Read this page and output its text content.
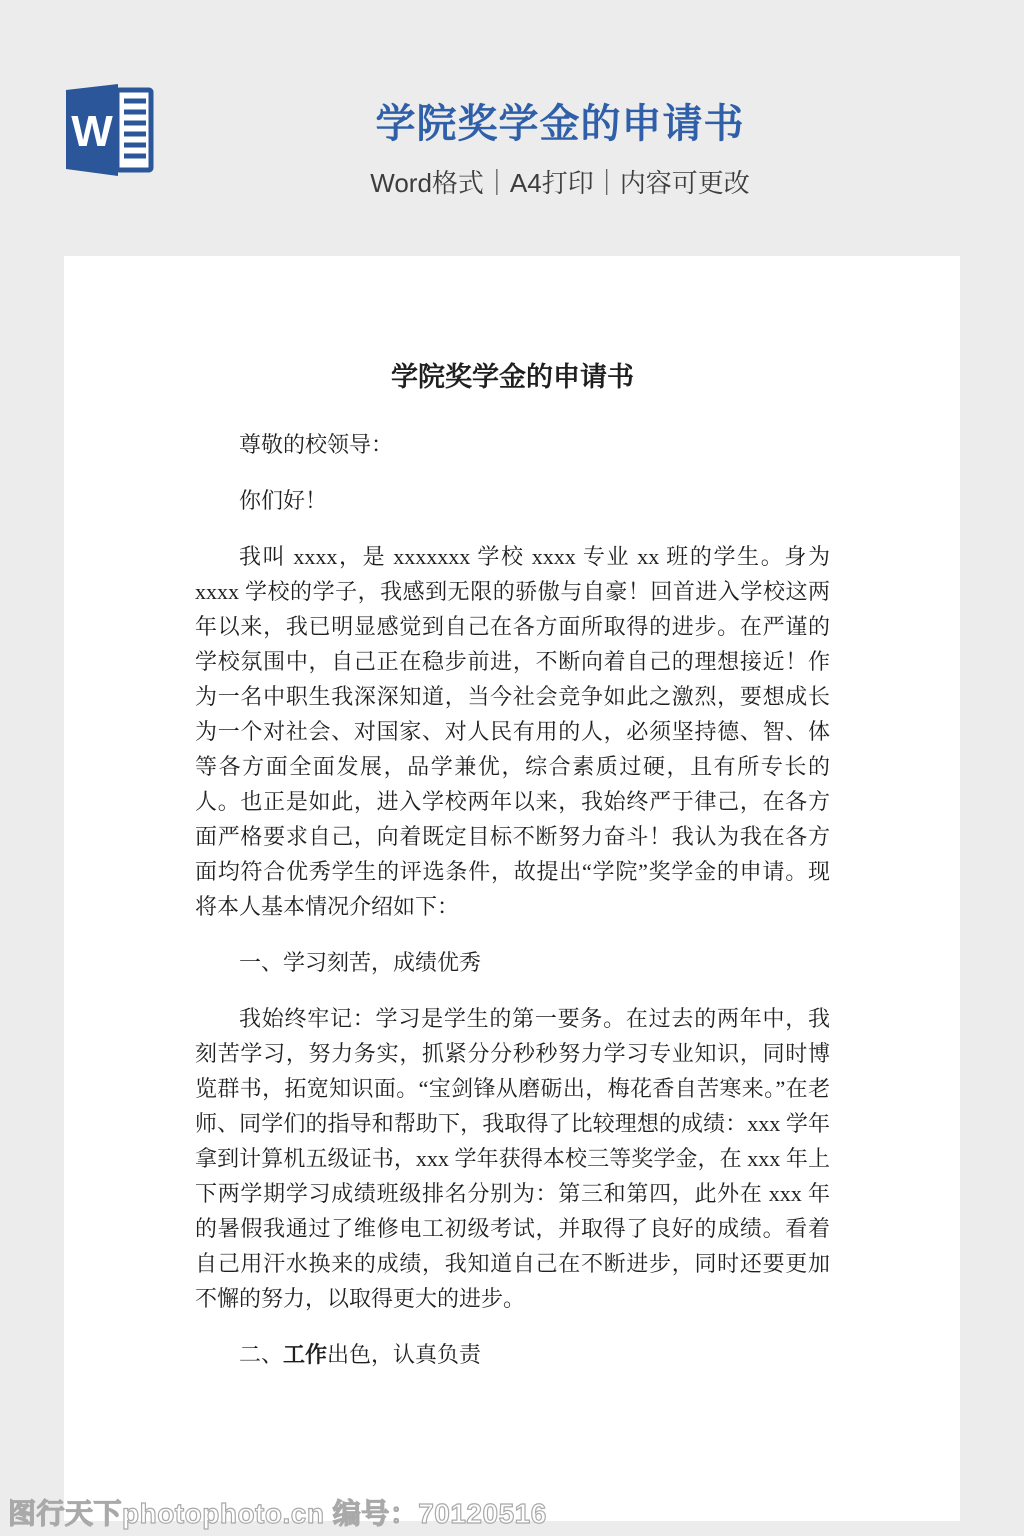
W	学院奖学金的申请书
Word格式｜A4打印｜内容可更改
学院奖学金的申请书

尊敬的校领导：

你们好！

我叫 xxxx，是 xxxxxxx 学校 xxxx 专业 xx 班的学生。身为 xxxx 学校的学子，我感到无限的骄傲与自豪！回首进入学校这两年以来，我已明显感觉到自己在各方面所取得的进步。在严谨的学校氛围中，自己正在稳步前进，不断向着自己的理想接近！作为一名中职生我深深知道，当今社会竞争如此之激烈，要想成长为一个对社会、对国家、对人民有用的人，必须坚持德、智、体等各方面全面发展，品学兼优，综合素质过硬，且有所专长的人。也正是如此，进入学校两年以来，我始终严于律己，在各方面严格要求自己，向着既定目标不断努力奋斗！我认为我在各方面均符合优秀学生的评选条件，故提出“学院”奖学金的申请。现将本人基本情况介绍如下：

一、学习刻苦，成绩优秀

我始终牢记：学习是学生的第一要务。在过去的两年中，我刻苦学习，努力务实，抓紧分分秒秒努力学习专业知识，同时博览群书，拓宽知识面。“宝剑锋从磨砺出，梅花香自苦寒来。”在老师、同学们的指导和帮助下，我取得了比较理想的成绩：xxx 学年拿到计算机五级证书，xxx 学年获得本校三等奖学金，在 xxx 年上下两学期学习成绩班级排名分别为：第三和第四，此外在 xxx 年的暑假我通过了维修电工初级考试，并取得了良好的成绩。看着自己用汗水换来的成绩，我知道自己在不断进步，同时还要更加不懈的努力，以取得更大的进步。

二、工作出色，认真负责

图行天下photophoto.cn 编号：70120516
